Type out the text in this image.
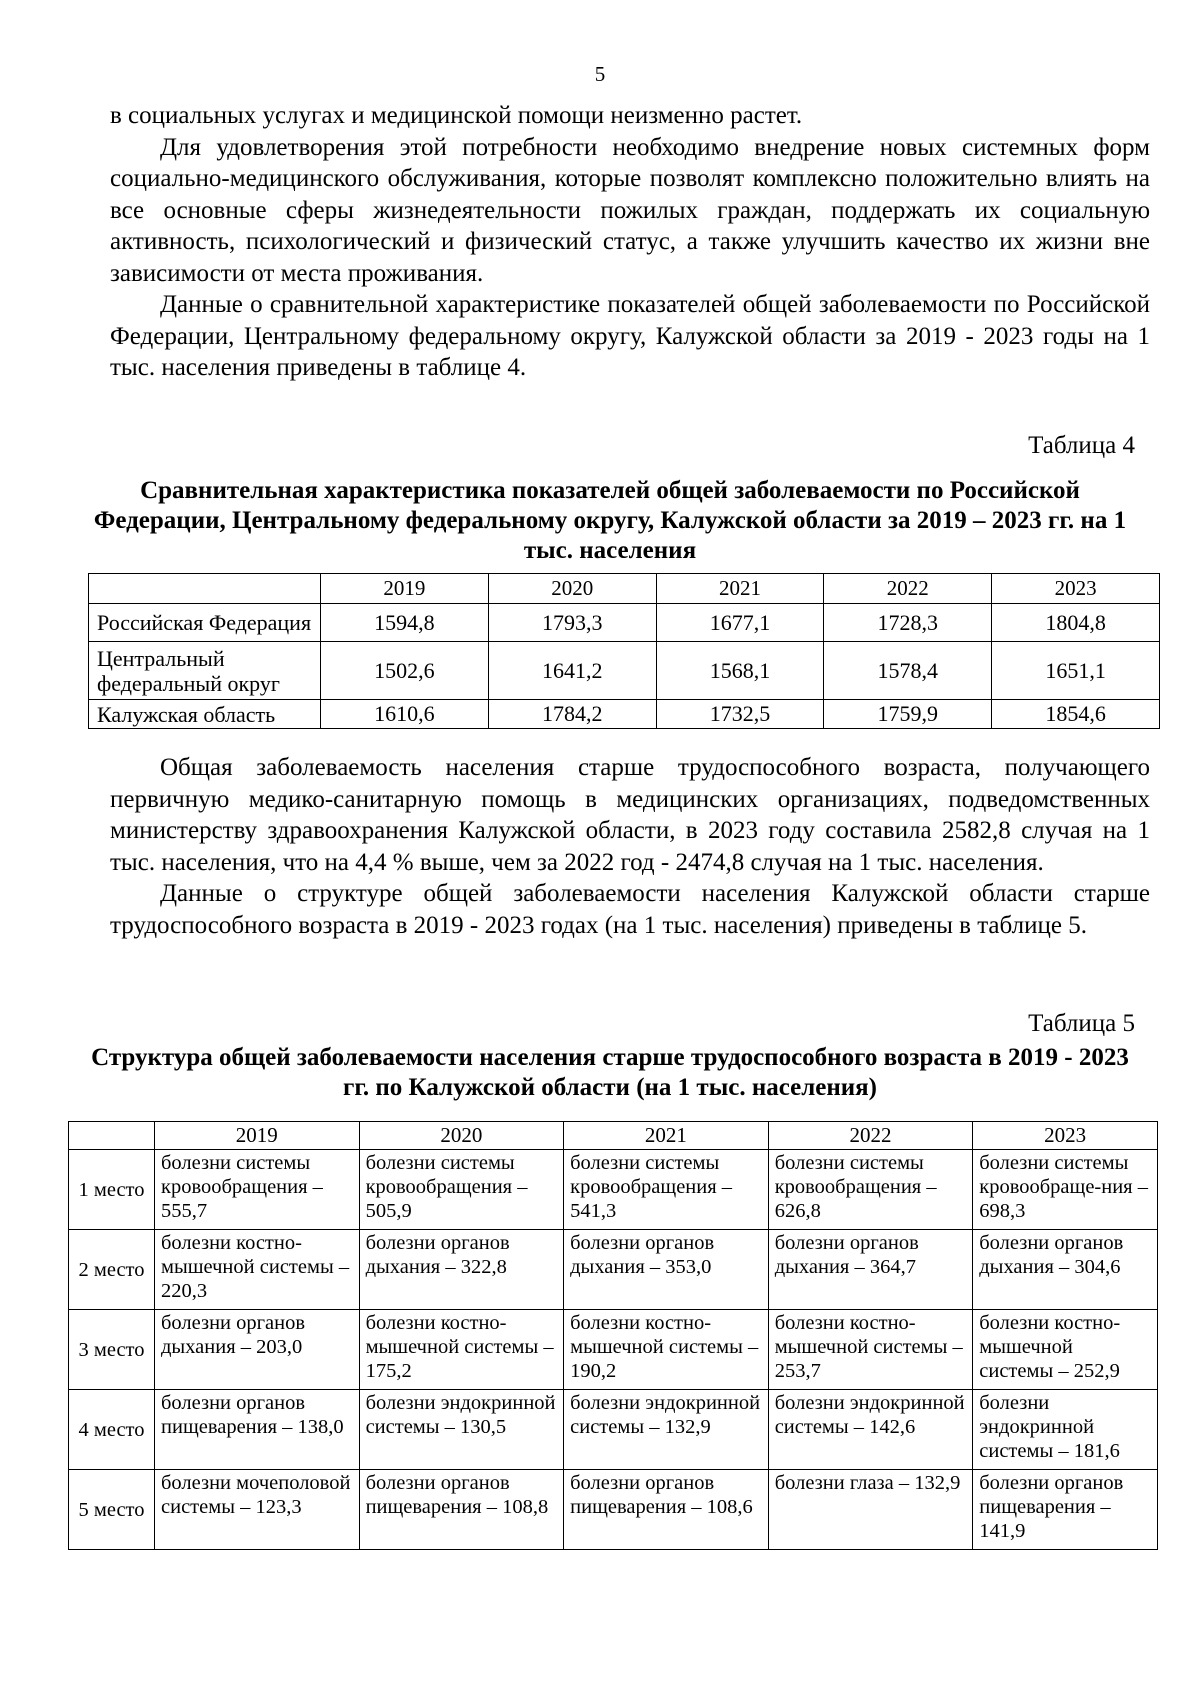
5

в социальных услугах и медицинской помощи неизменно растет.

Для удовлетворения этой потребности необходимо внедрение новых системных форм социально-медицинского обслуживания, которые позволят комплексно положительно влиять на все основные сферы жизнедеятельности пожилых граждан, поддержать их социальную активность, психологический и физический статус, а также улучшить качество их жизни вне зависимости от места проживания.

Данные о сравнительной характеристике показателей общей заболеваемости по Российской Федерации, Центральному федеральному округу, Калужской области за 2019 - 2023 годы на 1 тыс. населения приведены в таблице 4.

Таблица 4
Сравнительная характеристика показателей общей заболеваемости по Российской Федерации, Центральному федеральному округу, Калужской области за 2019 – 2023 гг. на 1 тыс. населения
	2019	2020	2021	2022	2023
Российская Федерация	1594,8	1793,3	1677,1	1728,3	1804,8
Центральный федеральный округ	1502,6	1641,2	1568,1	1578,4	1651,1
Калужская область	1610,6	1784,2	1732,5	1759,9	1854,6

Общая заболеваемость населения старше трудоспособного возраста, получающего первичную медико-санитарную помощь в медицинских организациях, подведомственных министерству здравоохранения Калужской области, в 2023 году составила 2582,8 случая на 1 тыс. населения, что на 4,4 % выше, чем за 2022 год - 2474,8 случая на 1 тыс. населения.

Данные о структуре общей заболеваемости населения Калужской области старше трудоспособного возраста в 2019 - 2023 годах (на 1 тыс. населения) приведены в таблице 5.

Таблица 5
Структура общей заболеваемости населения старше трудоспособного возраста в 2019 - 2023 гг. по Калужской области (на 1 тыс. населения)
	2019	2020	2021	2022	2023
1 место	болезни системы кровообращения – 555,7	болезни системы кровообращения – 505,9	болезни системы кровообращения – 541,3	болезни системы кровообращения – 626,8	болезни системы кровообраще-ния – 698,3
2 место	болезни костно-мышечной системы – 220,3	болезни органов дыхания – 322,8	болезни органов дыхания – 353,0	болезни органов дыхания – 364,7	болезни органов дыхания – 304,6
3 место	болезни органов дыхания – 203,0	болезни костно-мышечной системы – 175,2	болезни костно-мышечной системы – 190,2	болезни костно-мышечной системы – 253,7	болезни костно-мышечной системы – 252,9
4 место	болезни органов пищеварения – 138,0	болезни эндокринной системы – 130,5	болезни эндокринной системы – 132,9	болезни эндокринной системы – 142,6	болезни эндокринной системы – 181,6
5 место	болезни мочеполовой системы – 123,3	болезни органов пищеварения – 108,8	болезни органов пищеварения – 108,6	болезни глаза – 132,9	болезни органов пищеварения – 141,9
